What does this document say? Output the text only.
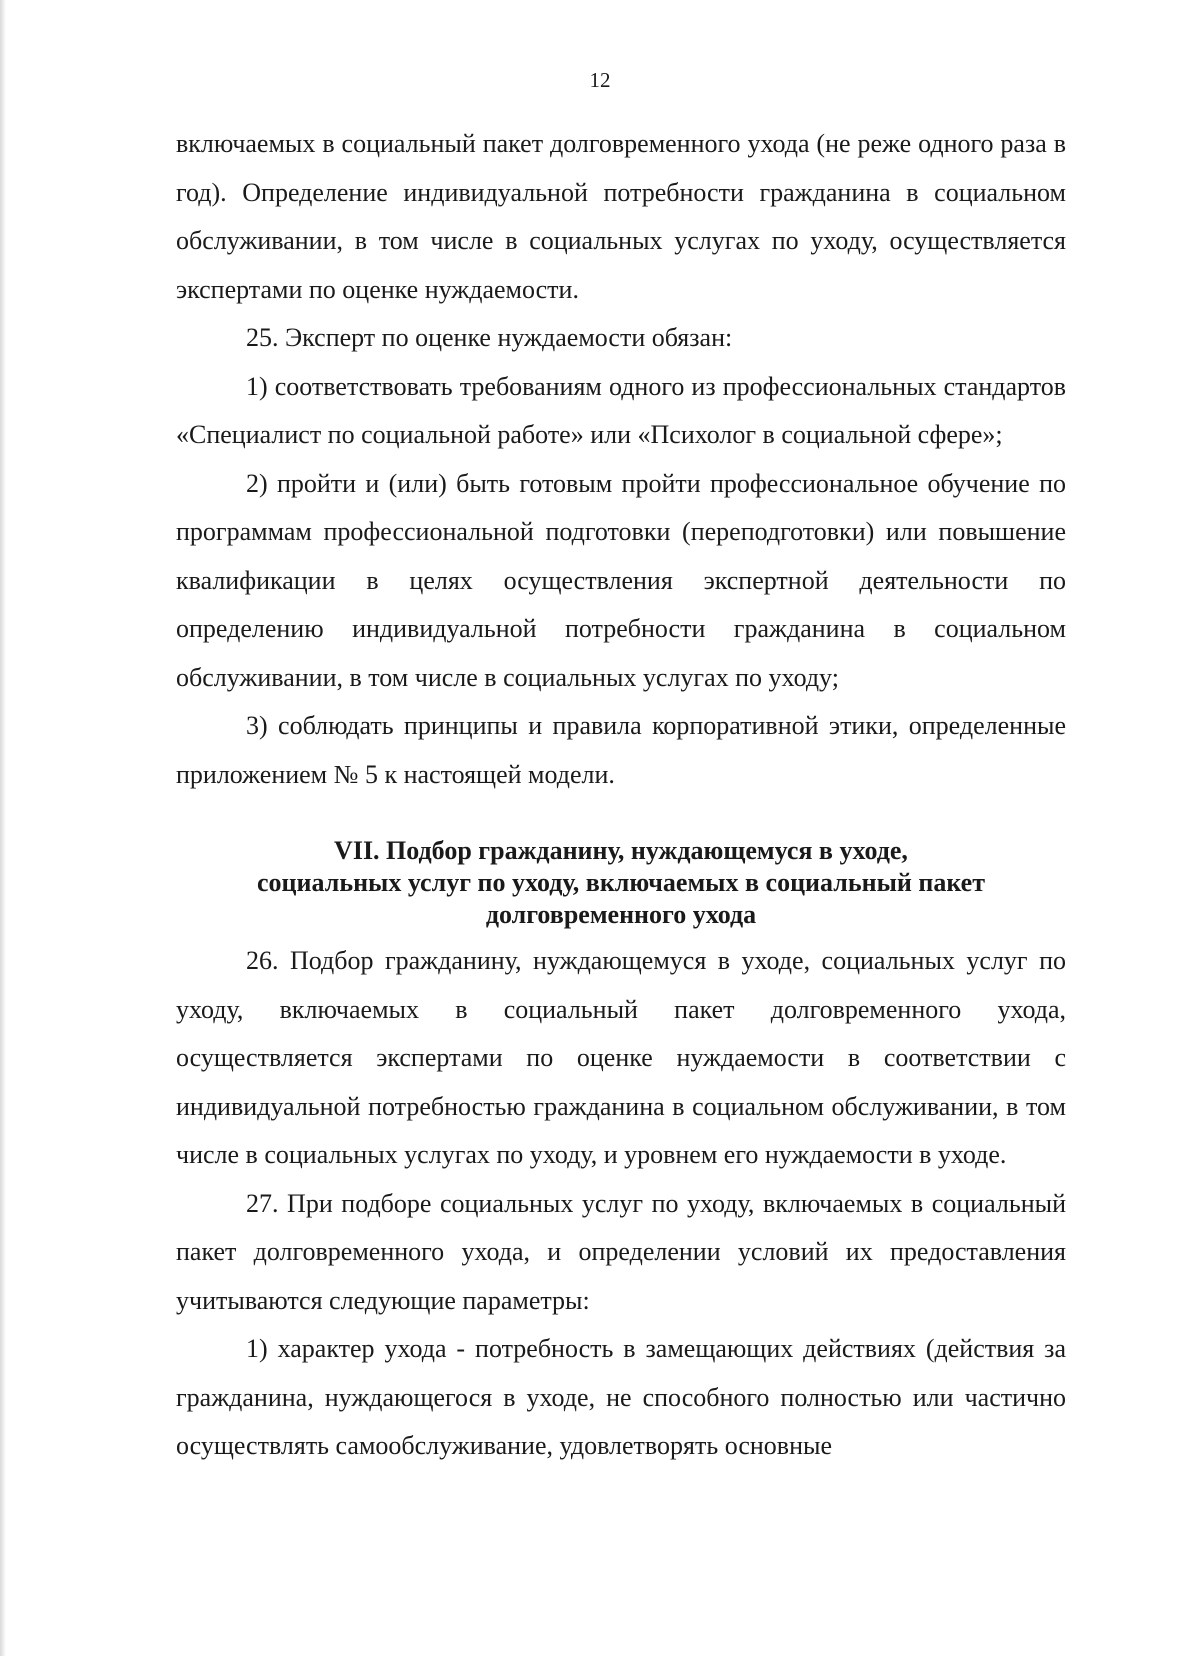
12

включаемых в социальный пакет долговременного ухода (не реже одного раза в год). Определение индивидуальной потребности гражданина в социальном обслуживании, в том числе в социальных услугах по уходу, осуществляется экспертами по оценке нуждаемости.

25. Эксперт по оценке нуждаемости обязан:

1) соответствовать требованиям одного из профессиональных стандартов «Специалист по социальной работе» или «Психолог в социальной сфере»;

2) пройти и (или) быть готовым пройти профессиональное обучение по программам профессиональной подготовки (переподготовки) или повышение квалификации в целях осуществления экспертной деятельности по определению индивидуальной потребности гражданина в социальном обслуживании, в том числе в социальных услугах по уходу;

3) соблюдать принципы и правила корпоративной этики, определенные приложением № 5 к настоящей модели.

VII. Подбор гражданину, нуждающемуся в уходе,
социальных услуг по уходу, включаемых в социальный пакет
долговременного ухода

26. Подбор гражданину, нуждающемуся в уходе, социальных услуг по уходу, включаемых в социальный пакет долговременного ухода, осуществляется экспертами по оценке нуждаемости в соответствии с индивидуальной потребностью гражданина в социальном обслуживании, в том числе в социальных услугах по уходу, и уровнем его нуждаемости в уходе.

27. При подборе социальных услуг по уходу, включаемых в социальный пакет долговременного ухода, и определении условий их предоставления учитываются следующие параметры:

1) характер ухода - потребность в замещающих действиях (действия за гражданина, нуждающегося в уходе, не способного полностью или частично осуществлять самообслуживание, удовлетворять основные
